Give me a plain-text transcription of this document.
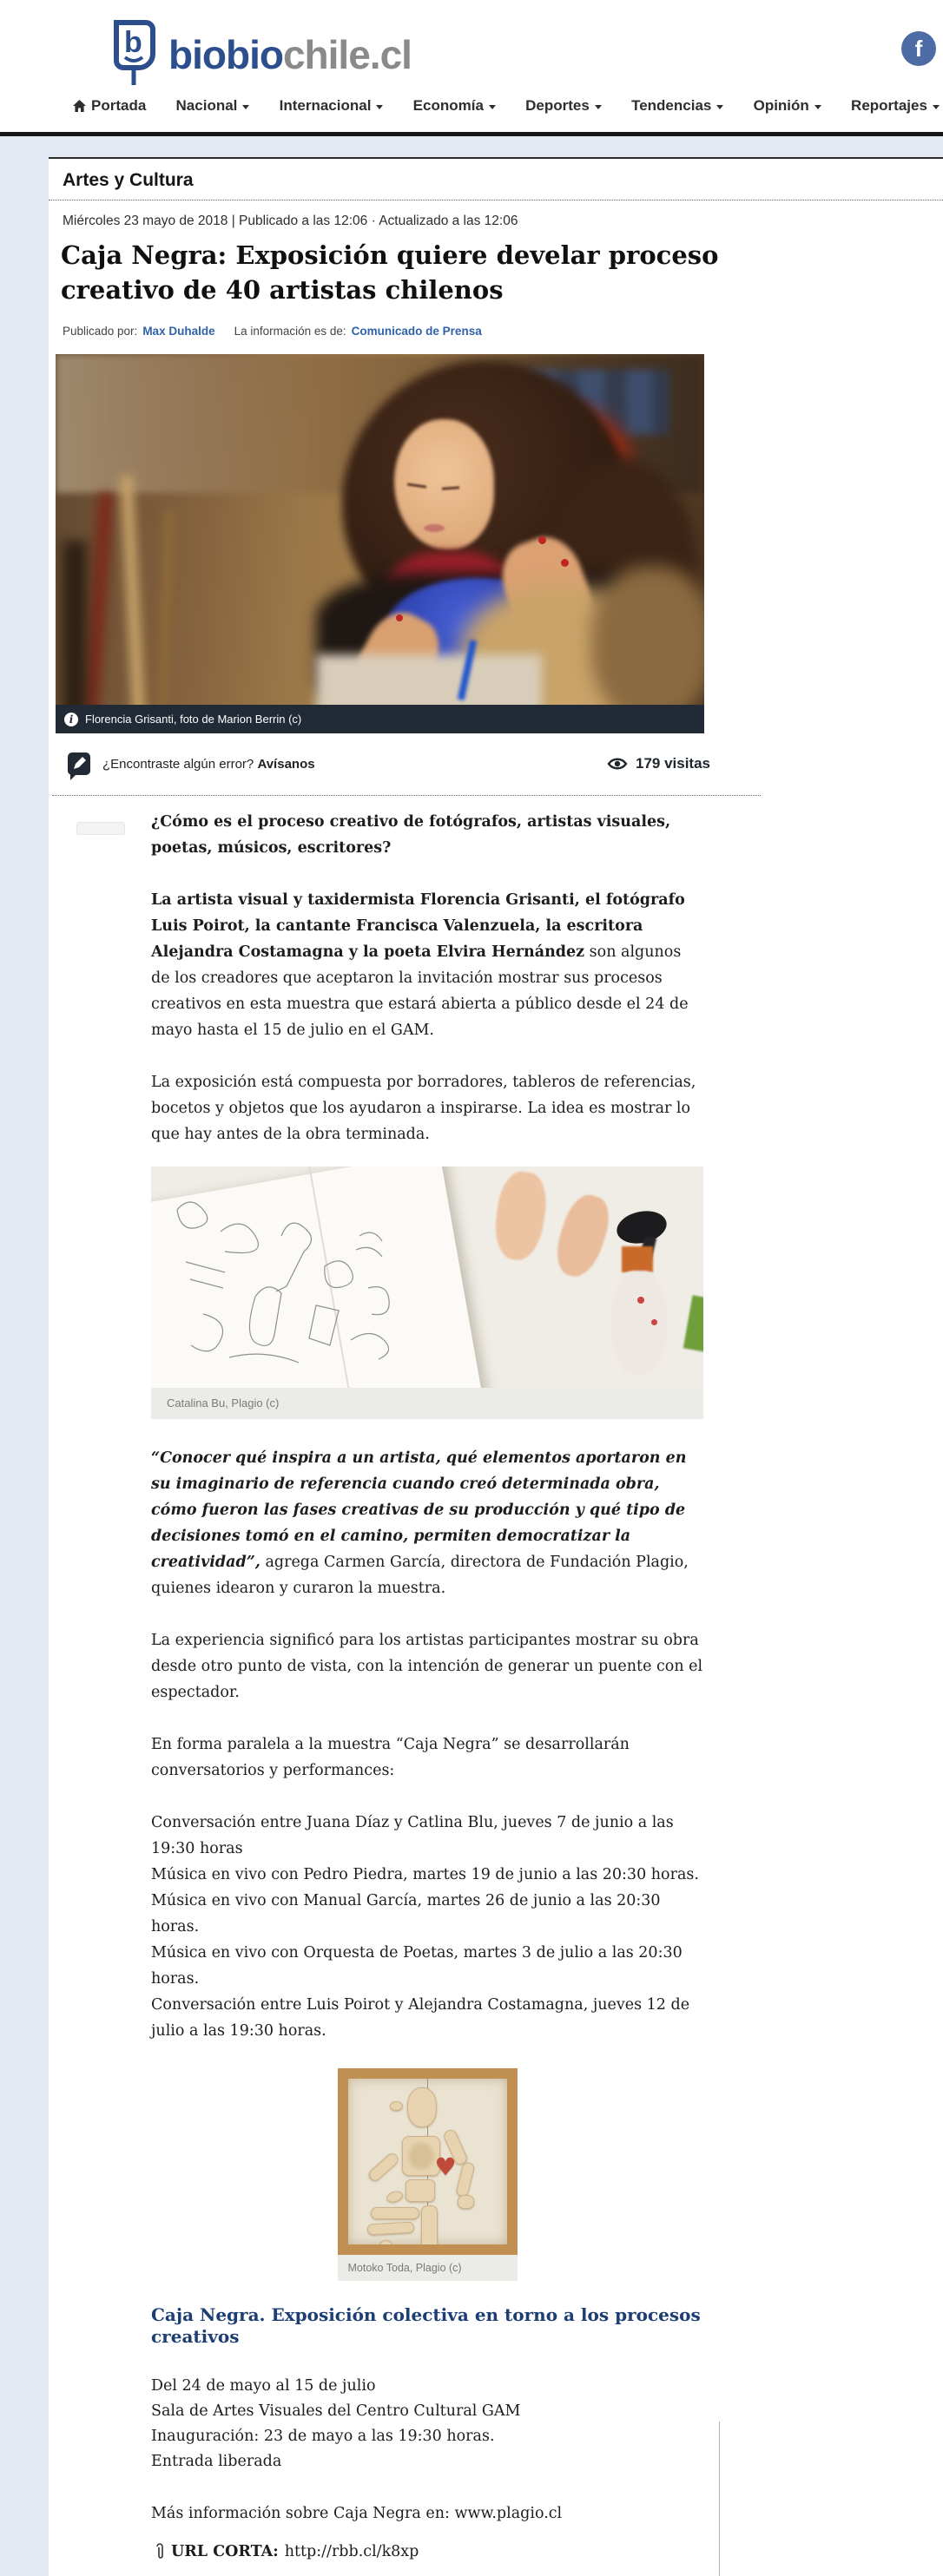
b biobiochile.cl	f
Portada Nacional	Internacional	Economía	Deportes	Tendencias	Opinión	Reportajes
Artes y Cultura
Miércoles 23 mayo de 2018 | Publicado a las 12:06 · Actualizado a las 12:06
Caja Negra: Exposición quiere develar proceso creativo de 40 artistas chilenos
Publicado por: Max Duhalde La información es de: Comunicado de Prensa
i	Florencia Grisanti, foto de Marion Berrin (c)
¿Encontraste algún error? Avísanos	179 visitas

¿Cómo es el proceso creativo de fotógrafos, artistas visuales, poetas, músicos, escritores?

La artista visual y taxidermista Florencia Grisanti, el fotógrafo Luis Poirot, la cantante Francisca Valenzuela, la escritora Alejandra Costamagna y la poeta Elvira Hernández son algunos de los creadores que aceptaron la invitación mostrar sus procesos creativos en esta muestra que estará abierta a público desde el 24 de mayo hasta el 15 de julio en el GAM.

La exposición está compuesta por borradores, tableros de referencias, bocetos y objetos que los ayudaron a inspirarse. La idea es mostrar lo que hay antes de la obra terminada.

Catalina Bu, Plagio (c)

“Conocer qué inspira a un artista, qué elementos aportaron en su imaginario de referencia cuando creó determinada obra, cómo fueron las fases creativas de su producción y qué tipo de decisiones tomó en el camino, permiten democratizar la creatividad”, agrega Carmen García, directora de Fundación Plagio, quienes idearon y curaron la muestra.

La experiencia significó para los artistas participantes mostrar su obra desde otro punto de vista, con la intención de generar un puente con el espectador.

En forma paralela a la muestra “Caja Negra” se desarrollarán conversatorios y performances:

Conversación entre Juana Díaz y Catlina Blu, jueves 7 de junio a las 19:30 horas
Música en vivo con Pedro Piedra, martes 19 de junio a las 20:30 horas.
Música en vivo con Manual García, martes 26 de junio a las 20:30 horas.
Música en vivo con Orquesta de Poetas, martes 3 de julio a las 20:30 horas.
Conversación entre Luis Poirot y Alejandra Costamagna, jueves 12 de julio a las 19:30 horas.

♥
Motoko Toda, Plagio (c)
Caja Negra. Exposición colectiva en torno a los procesos creativos

Del 24 de mayo al 15 de julio
Sala de Artes Visuales del Centro Cultural GAM
Inauguración: 23 de mayo a las 19:30 horas.
Entrada liberada

Más información sobre Caja Negra en: www.plagio.cl

URL CORTA: http://rbb.cl/k8xp
